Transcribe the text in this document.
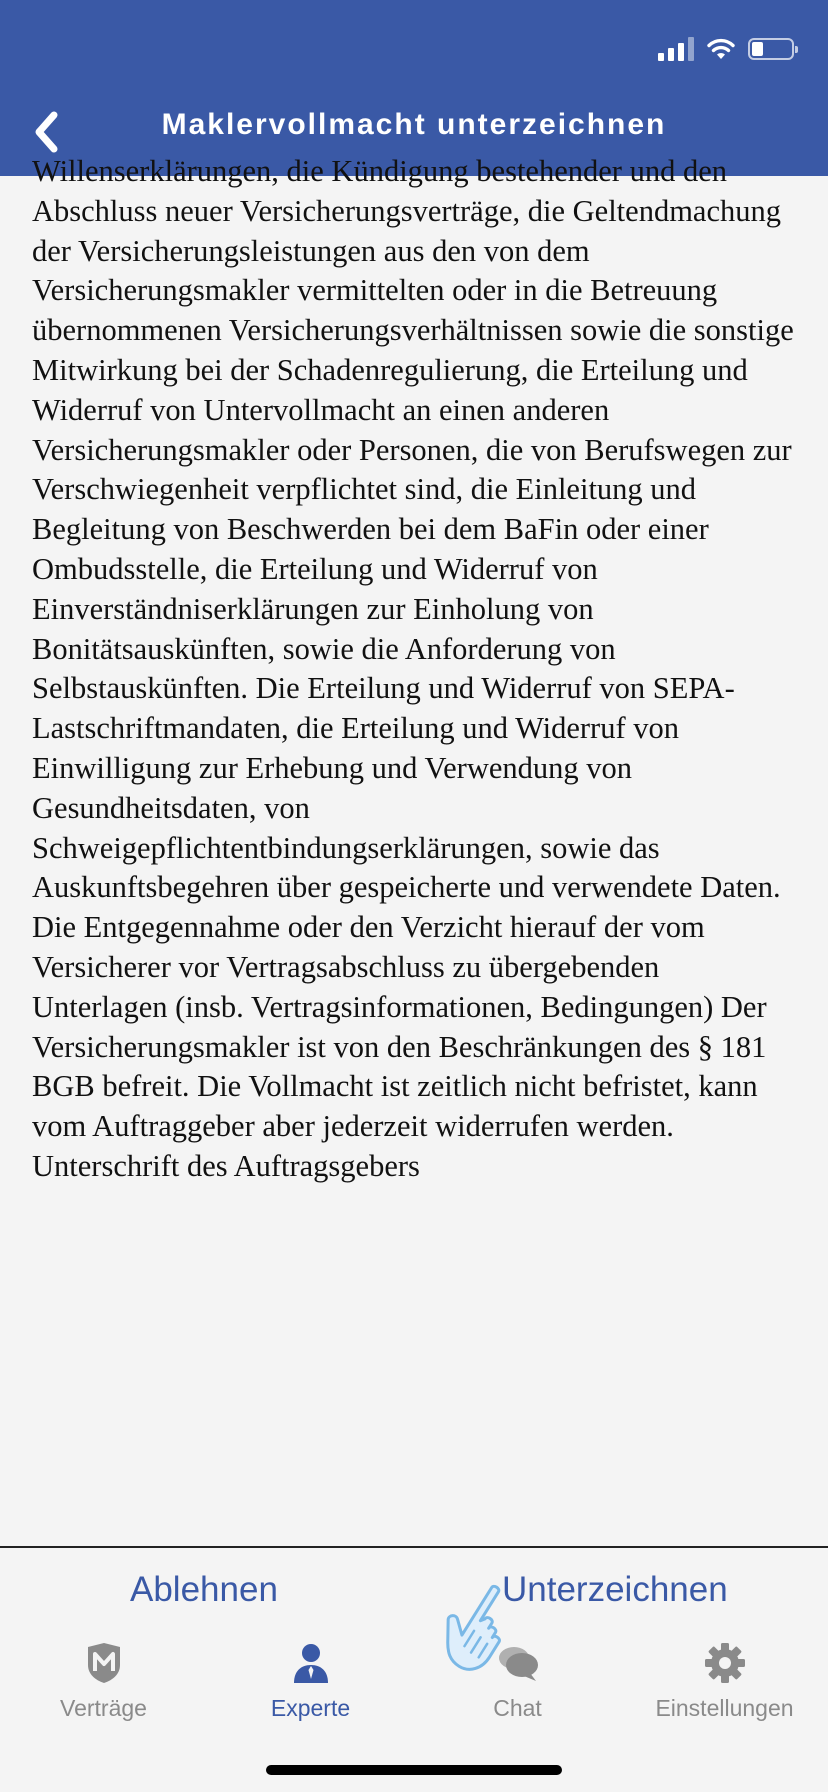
Maklervollmacht unterzeichnen

Willenserklärungen, die Kündigung bestehender und den Abschluss neuer Versicherungsverträge, die Geltendmachung der Versicherungsleistungen aus den von dem Versicherungsmakler vermittelten oder in die Betreuung übernommenen Versicherungsverhältnissen sowie die sonstige Mitwirkung bei der Schadenregulierung, die Erteilung und Widerruf von Untervollmacht an einen anderen Versicherungsmakler oder Personen, die von Berufswegen zur Verschwiegenheit verpflichtet sind, die Einleitung und Begleitung von Beschwerden bei dem BaFin oder einer Ombudsstelle, die Erteilung und Widerruf von Einverständniserklärungen zur Einholung von Bonitätsauskünften, sowie die Anforderung von Selbstauskünften. Die Erteilung und Widerruf von SEPA-Lastschriftmandaten, die Erteilung und Widerruf von Einwilligung zur Erhebung und Verwendung von Gesundheitsdaten, von Schweigepflichtentbindungserklärungen, sowie das Auskunftsbegehren über gespeicherte und verwendete Daten. Die Entgegennahme oder den Verzicht hierauf der vom Versicherer vor Vertragsabschluss zu übergebenden Unterlagen (insb. Vertragsinformationen, Bedingungen) Der Versicherungsmakler ist von den Beschränkungen des § 181 BGB befreit. Die Vollmacht ist zeitlich nicht befristet, kann vom Auftraggeber aber jederzeit widerrufen werden. Unterschrift des Auftragsgebers

Ablehnen	Unterzeichnen
Verträge	Experte	Chat	Einstellungen
